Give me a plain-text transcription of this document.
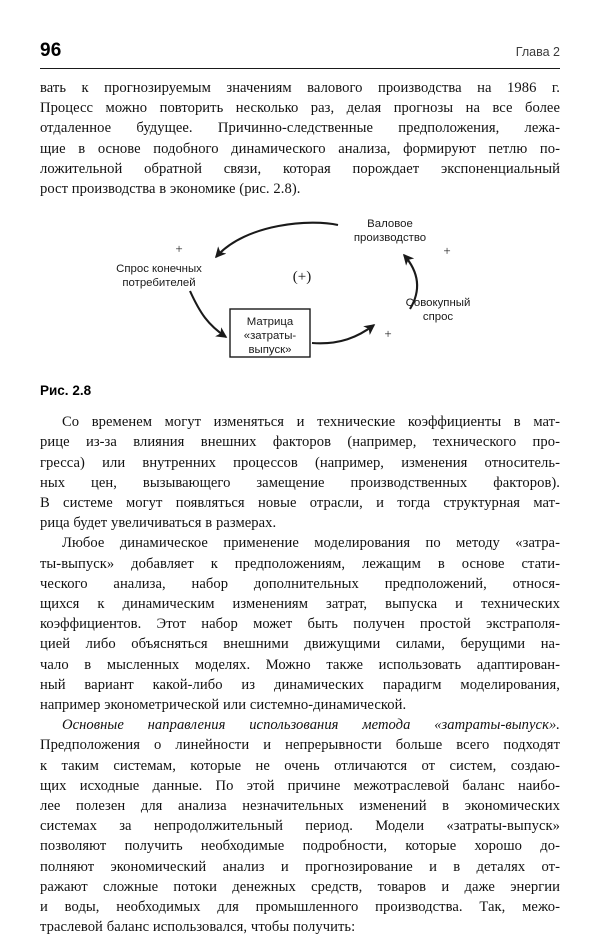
96	Глава 2

вать к прогнозируемым значениям валового производства на 1986 г.
Процесс можно повторить несколько раз, делая прогнозы на все более
отдаленное будущее. Причинно-следственные предположения, лежа-
щие в основе подобного динамического анализа, формируют петлю по-
ложительной обратной связи, которая порождает экспоненциальный
рост производства в экономике (рис. 2.8).

Валовое
производство
Спрос конечных
потребителей
Совокупный
спрос
Матрица
«затраты-
выпуск»
+	+
+
(+)
Рис. 2.8

Со временем могут изменяться и технические коэффициенты в мат-
рице из-за влияния внешних факторов (например, технического про-
гресса) или внутренних процессов (например, изменения относитель-
ных цен, вызывающего замещение производственных факторов).
В системе могут появляться новые отрасли, и тогда структурная мат-
рица будет увеличиваться в размерах.

Любое динамическое применение моделирования по методу «затра-
ты-выпуск» добавляет к предположениям, лежащим в основе стати-
ческого анализа, набор дополнительных предположений, относя-
щихся к динамическим изменениям затрат, выпуска и технических
коэффициентов. Этот набор может быть получен простой экстраполя-
цией либо объясняться внешними движущими силами, берущими на-
чало в мысленных моделях. Можно также использовать адаптирован-
ный вариант какой-либо из динамических парадигм моделирования,
например эконометрической или системно-динамической.

Основные направления использования метода «затраты-выпуск».
Предположения о линейности и непрерывности больше всего подходят
к таким системам, которые не очень отличаются от систем, создаю-
щих исходные данные. По этой причине межотраслевой баланс наибо-
лее полезен для анализа незначительных изменений в экономических
системах за непродолжительный период. Модели «затраты-выпуск»
позволяют получить необходимые подробности, которые хорошо до-
полняют экономический анализ и прогнозирование и в деталях от-
ражают сложные потоки денежных средств, товаров и даже энергии
и воды, необходимых для промышленного производства. Так, межо-
траслевой баланс использовался, чтобы получить:
